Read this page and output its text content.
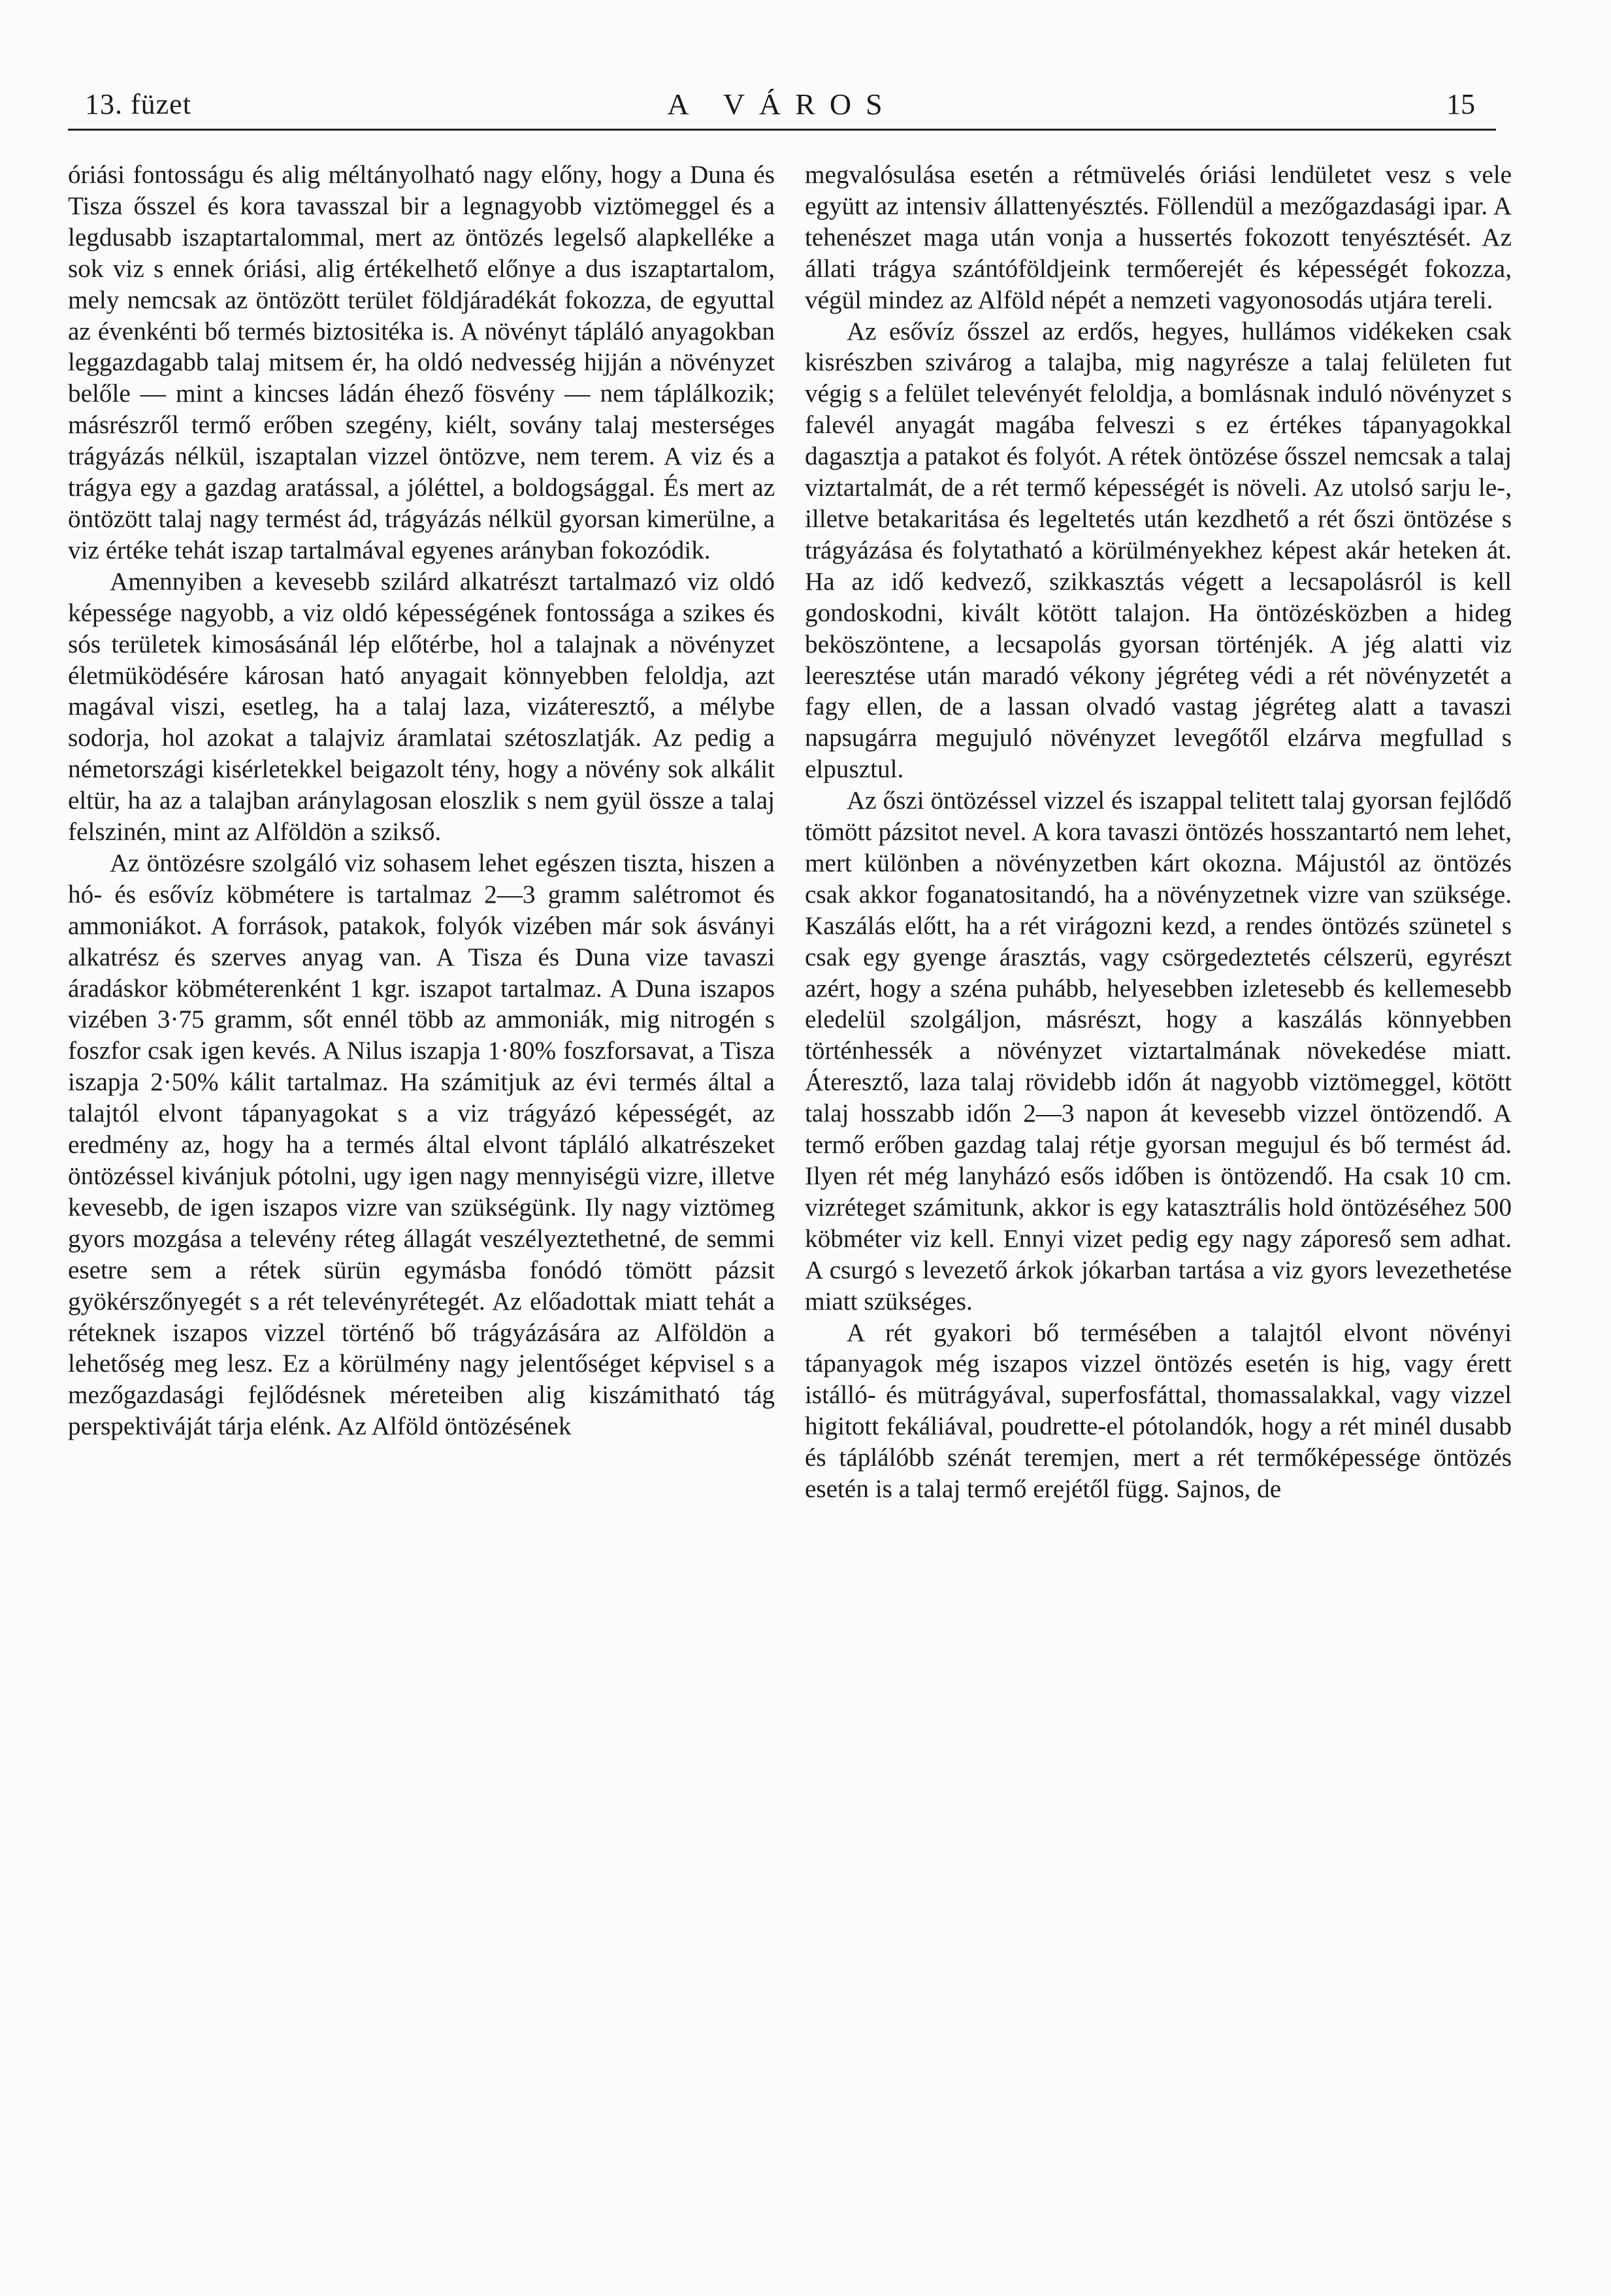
13. füzet	A VÁROS	15

óriási fontosságu és alig méltányolható nagy előny, hogy a Duna és Tisza ősszel és kora tavasszal bir a legnagyobb viztömeggel és a legdusabb iszaptartalommal, mert az öntözés legelső alapkelléke a sok viz s ennek óriási, alig értékelhető előnye a dus iszaptartalom, mely nemcsak az öntözött terület földjáradékát fokozza, de egyuttal az évenkénti bő termés biztositéka is. A növényt tápláló anyagokban leggazdagabb talaj mitsem ér, ha oldó nedvesség hijján a növényzet belőle — mint a kincses ládán éhező fösvény — nem táplálkozik; másrészről termő erőben szegény, kiélt, sovány talaj mesterséges trágyázás nélkül, iszaptalan vizzel öntözve, nem terem. A viz és a trágya egy a gazdag aratással, a jóléttel, a boldogsággal. És mert az öntözött talaj nagy termést ád, trágyázás nélkül gyorsan kimerülne, a viz értéke tehát iszap tartalmával egyenes arányban fokozódik.

Amennyiben a kevesebb szilárd alkatrészt tartalmazó viz oldó képessége nagyobb, a viz oldó képességének fontossága a szikes és sós területek kimosásánál lép előtérbe, hol a talajnak a növényzet életmüködésére károsan ható anyagait könnyebben feloldja, azt magával viszi, esetleg, ha a talaj laza, vizáteresztő, a mélybe sodorja, hol azokat a talajviz áramlatai szétoszlatják. Az pedig a németországi kisérletekkel beigazolt tény, hogy a növény sok alkálit eltür, ha az a talajban aránylagosan eloszlik s nem gyül össze a talaj felszinén, mint az Alföldön a szikső.

Az öntözésre szolgáló viz sohasem lehet egészen tiszta, hiszen a hó- és esővíz köbmétere is tartalmaz 2—3 gramm salétromot és ammoniákot. A források, patakok, folyók vizében már sok ásványi alkatrész és szerves anyag van. A Tisza és Duna vize tavaszi áradáskor köbméterenként 1 kgr. iszapot tartalmaz. A Duna iszapos vizében 3·75 gramm, sőt ennél több az ammoniák, mig nitrogén s foszfor csak igen kevés. A Nilus iszapja 1·80% foszforsavat, a Tisza iszapja 2·50% kálit tartalmaz. Ha számitjuk az évi termés által a talajtól elvont tápanyagokat s a viz trágyázó képességét, az eredmény az, hogy ha a termés által elvont tápláló alkatrészeket öntözéssel kivánjuk pótolni, ugy igen nagy mennyiségü vizre, illetve kevesebb, de igen iszapos vizre van szükségünk. Ily nagy viztömeg gyors mozgása a televény réteg állagát veszélyeztethetné, de semmi esetre sem a rétek sürün egymásba fonódó tömött pázsit gyökérszőnyegét s a rét televényrétegét. Az előadottak miatt tehát a réteknek iszapos vizzel történő bő trágyázására az Alföldön a lehetőség meg lesz. Ez a körülmény nagy jelentőséget képvisel s a mezőgazdasági fejlődésnek méreteiben alig kiszámitható tág perspektiváját tárja elénk. Az Alföld öntözésének

megvalósulása esetén a rétmüvelés óriási lendületet vesz s vele együtt az intensiv állattenyésztés. Föllendül a mezőgazdasági ipar. A tehenészet maga után vonja a hussertés fokozott tenyésztését. Az állati trágya szántóföldjeink termőerejét és képességét fokozza, végül mindez az Alföld népét a nemzeti vagyonosodás utjára tereli.

Az esővíz ősszel az erdős, hegyes, hullámos vidékeken csak kisrészben szivárog a talajba, mig nagyrésze a talaj felületen fut végig s a felület televényét feloldja, a bomlásnak induló növényzet s falevél anyagát magába felveszi s ez értékes tápanyagokkal dagasztja a patakot és folyót. A rétek öntözése ősszel nemcsak a talaj viztartalmát, de a rét termő képességét is növeli. Az utolsó sarju le-, illetve betakaritása és legeltetés után kezdhető a rét őszi öntözése s trágyázása és folytatható a körülményekhez képest akár heteken át. Ha az idő kedvező, szikkasztás végett a lecsapolásról is kell gondoskodni, kivált kötött talajon. Ha öntözésközben a hideg beköszöntene, a lecsapolás gyorsan történjék. A jég alatti viz leeresztése után maradó vékony jégréteg védi a rét növényzetét a fagy ellen, de a lassan olvadó vastag jégréteg alatt a tavaszi napsugárra megujuló növényzet levegőtől elzárva megfullad s elpusztul.

Az őszi öntözéssel vizzel és iszappal telitett talaj gyorsan fejlődő tömött pázsitot nevel. A kora tavaszi öntözés hosszantartó nem lehet, mert különben a növényzetben kárt okozna. Májustól az öntözés csak akkor foganatositandó, ha a növényzetnek vizre van szüksége. Kaszálás előtt, ha a rét virágozni kezd, a rendes öntözés szünetel s csak egy gyenge árasztás, vagy csörgedeztetés célszerü, egyrészt azért, hogy a széna puhább, helyesebben izletesebb és kellemesebb eledelül szolgáljon, másrészt, hogy a kaszálás könnyebben történhessék a növényzet viztartalmának növekedése miatt. Áteresztő, laza talaj rövidebb időn át nagyobb viztömeggel, kötött talaj hosszabb időn 2—3 napon át kevesebb vizzel öntözendő. A termő erőben gazdag talaj rétje gyorsan megujul és bő termést ád. Ilyen rét még lanyházó esős időben is öntözendő. Ha csak 10 cm. vizréteget számitunk, akkor is egy katasztrális hold öntözéséhez 500 köbméter viz kell. Ennyi vizet pedig egy nagy záporeső sem adhat. A csurgó s levezető árkok jókarban tartása a viz gyors levezethetése miatt szükséges.

A rét gyakori bő termésében a talajtól elvont növényi tápanyagok még iszapos vizzel öntözés esetén is hig, vagy érett istálló- és mütrágyával, superfosfáttal, thomassalakkal, vagy vizzel higitott fekáliával, poudrette-el pótolandók, hogy a rét minél dusabb és táplálóbb szénát teremjen, mert a rét termőképessége öntözés esetén is a talaj termő erejétől függ. Sajnos, de
